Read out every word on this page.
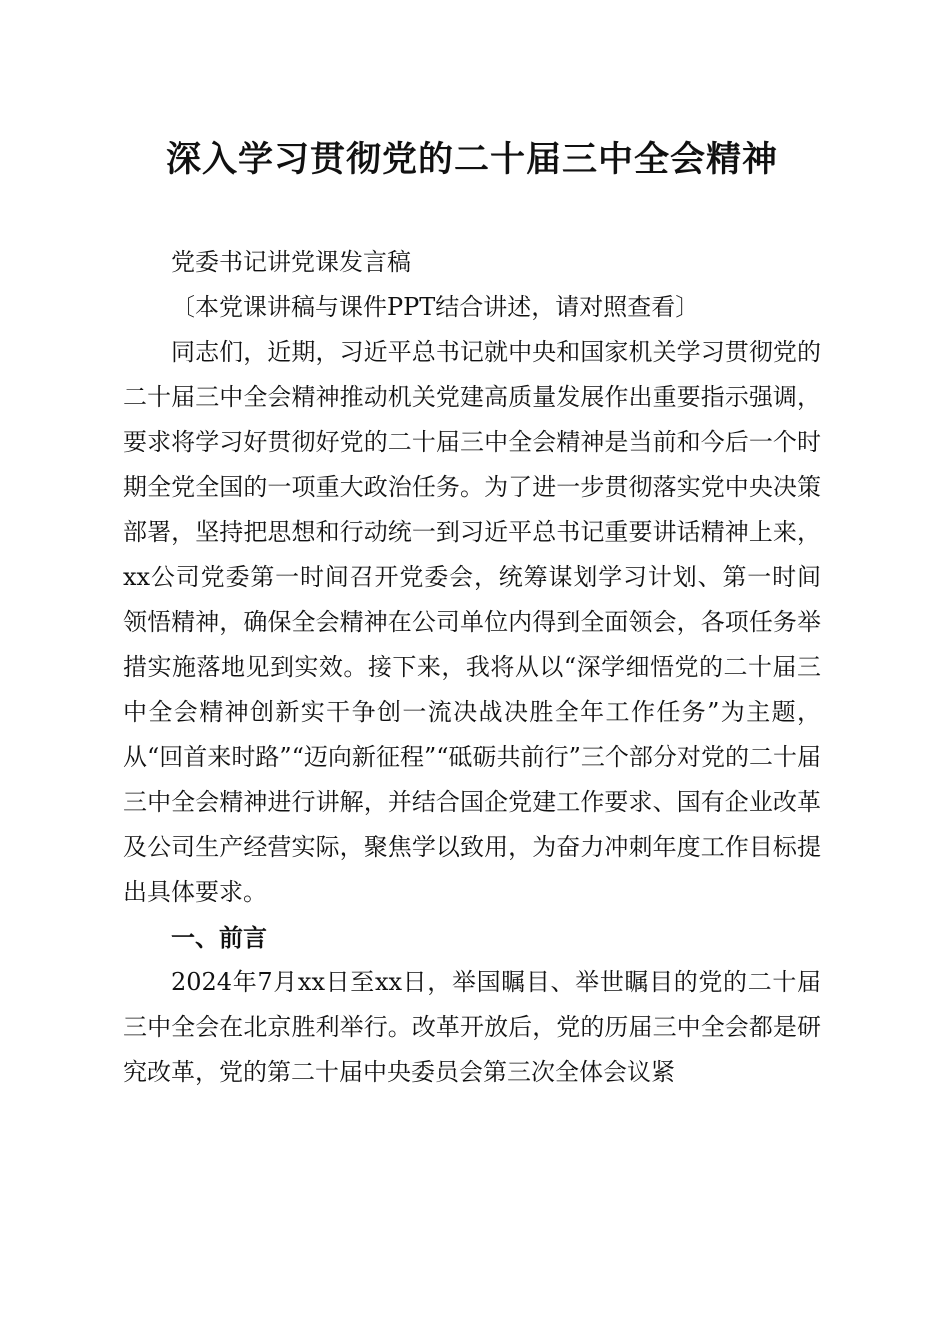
深入学习贯彻党的二十届三中全会精神

党委书记讲党课发言稿

〔本党课讲稿与课件PPT结合讲述，请对照查看〕

同志们，近期，习近平总书记就中央和国家机关学习贯彻党的二十届三中全会精神推动机关党建高质量发展作出重要指示强调，要求将学习好贯彻好党的二十届三中全会精神是当前和今后一个时期全党全国的一项重大政治任务。为了进一步贯彻落实党中央决策部署，坚持把思想和行动统一到习近平总书记重要讲话精神上来，xx公司党委第一时间召开党委会，统筹谋划学习计划、第一时间领悟精神，确保全会精神在公司单位内得到全面领会，各项任务举措实施落地见到实效。接下来，我将从以“深学细悟党的二十届三中全会精神创新实干争创一流决战决胜全年工作任务”为主题，从“回首来时路”“迈向新征程”“砥砺共前行”三个部分对党的二十届三中全会精神进行讲解，并结合国企党建工作要求、国有企业改革及公司生产经营实际，聚焦学以致用，为奋力冲刺年度工作目标提出具体要求。

一、前言

2024年7月xx日至xx日，举国瞩目、举世瞩目的党的二十届三中全会在北京胜利举行。改革开放后，党的历届三中全会都是研究改革，党的第二十届中央委员会第三次全体会议紧
